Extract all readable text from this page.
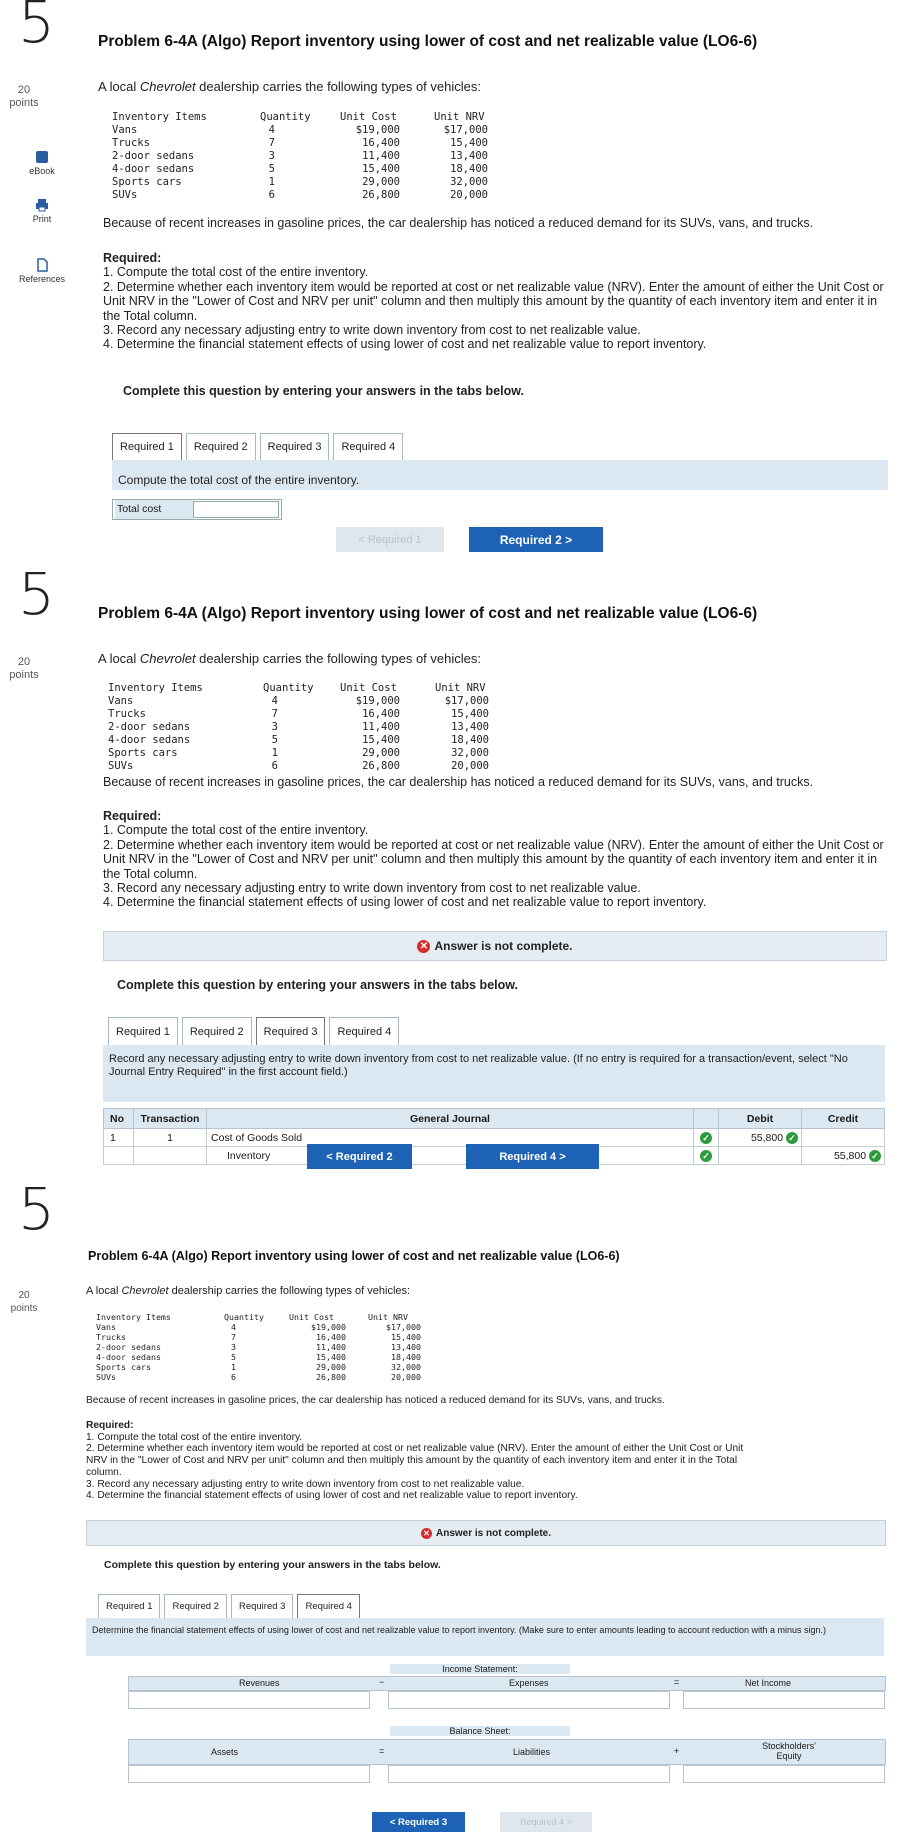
5
20
points
eBook
Print
References
Problem 6-4A (Algo) Report inventory using lower of cost and net realizable value (LO6-6)
A local Chevrolet dealership carries the following types of vehicles:
Inventory Items	Quantity	Unit Cost	Unit NRV
Vans	4	$19,000	$17,000
Trucks	7	16,400	15,400
2-door sedans	3	11,400	13,400
4-door sedans	5	15,400	18,400
Sports cars	1	29,000	32,000
SUVs	6	26,800	20,000
Because of recent increases in gasoline prices, the car dealership has noticed a reduced demand for its SUVs, vans, and trucks.
Required:
1. Compute the total cost of the entire inventory.
2. Determine whether each inventory item would be reported at cost or net realizable value (NRV). Enter the amount of either the Unit Cost or Unit NRV in the "Lower of Cost and NRV per unit" column and then multiply this amount by the quantity of each inventory item and enter it in the Total column.
3. Record any necessary adjusting entry to write down inventory from cost to net realizable value.
4. Determine the financial statement effects of using lower of cost and net realizable value to report inventory.
Complete this question by entering your answers in the tabs below.
Required 1	Required 2	Required 3	Required 4
Compute the total cost of the entire inventory.
Total cost
< Required 1	Required 2 >
5
20
points
Problem 6-4A (Algo) Report inventory using lower of cost and net realizable value (LO6-6)
A local Chevrolet dealership carries the following types of vehicles:
Inventory Items	Quantity	Unit Cost	Unit NRV
Vans	4	$19,000	$17,000
Trucks	7	16,400	15,400
2-door sedans	3	11,400	13,400
4-door sedans	5	15,400	18,400
Sports cars	1	29,000	32,000
SUVs	6	26,800	20,000
Because of recent increases in gasoline prices, the car dealership has noticed a reduced demand for its SUVs, vans, and trucks.
Required:
1. Compute the total cost of the entire inventory.
2. Determine whether each inventory item would be reported at cost or net realizable value (NRV). Enter the amount of either the Unit Cost or Unit NRV in the "Lower of Cost and NRV per unit" column and then multiply this amount by the quantity of each inventory item and enter it in the Total column.
3. Record any necessary adjusting entry to write down inventory from cost to net realizable value.
4. Determine the financial statement effects of using lower of cost and net realizable value to report inventory.
✕ Answer is not complete.
Complete this question by entering your answers in the tabs below.
Required 1	Required 2	Required 3	Required 4
Record any necessary adjusting entry to write down inventory from cost to net realizable value. (If no entry is required for a transaction/event, select "No Journal Entry Required" in the first account field.)
No	Transaction	General Journal		Debit	Credit
1	1	Cost of Goods Sold	✓	55,800 ✓	
		Inventory	✓		55,800 ✓
< Required 2	Required 4 >
5
20
points
Problem 6-4A (Algo) Report inventory using lower of cost and net realizable value (LO6-6)
A local Chevrolet dealership carries the following types of vehicles:
Inventory Items	Quantity	Unit Cost	Unit NRV
Vans	4	$19,000	$17,000
Trucks	7	16,400	15,400
2-door sedans	3	11,400	13,400
4-door sedans	5	15,400	18,400
Sports cars	1	29,000	32,000
SUVs	6	26,800	20,000
Because of recent increases in gasoline prices, the car dealership has noticed a reduced demand for its SUVs, vans, and trucks.
Required:
1. Compute the total cost of the entire inventory.
2. Determine whether each inventory item would be reported at cost or net realizable value (NRV). Enter the amount of either the Unit Cost or Unit NRV in the "Lower of Cost and NRV per unit" column and then multiply this amount by the quantity of each inventory item and enter it in the Total column.
3. Record any necessary adjusting entry to write down inventory from cost to net realizable value.
4. Determine the financial statement effects of using lower of cost and net realizable value to report inventory.
✕ Answer is not complete.
Complete this question by entering your answers in the tabs below.
Required 1	Required 2	Required 3	Required 4
Determine the financial statement effects of using lower of cost and net realizable value to report inventory. (Make sure to enter amounts leading to account reduction with a minus sign.)
Income Statement:
Revenues	−	Expenses	=	Net Income
Balance Sheet:
Assets	=	Liabilities	+	Stockholders' Equity
< Required 3	Required 4 >
